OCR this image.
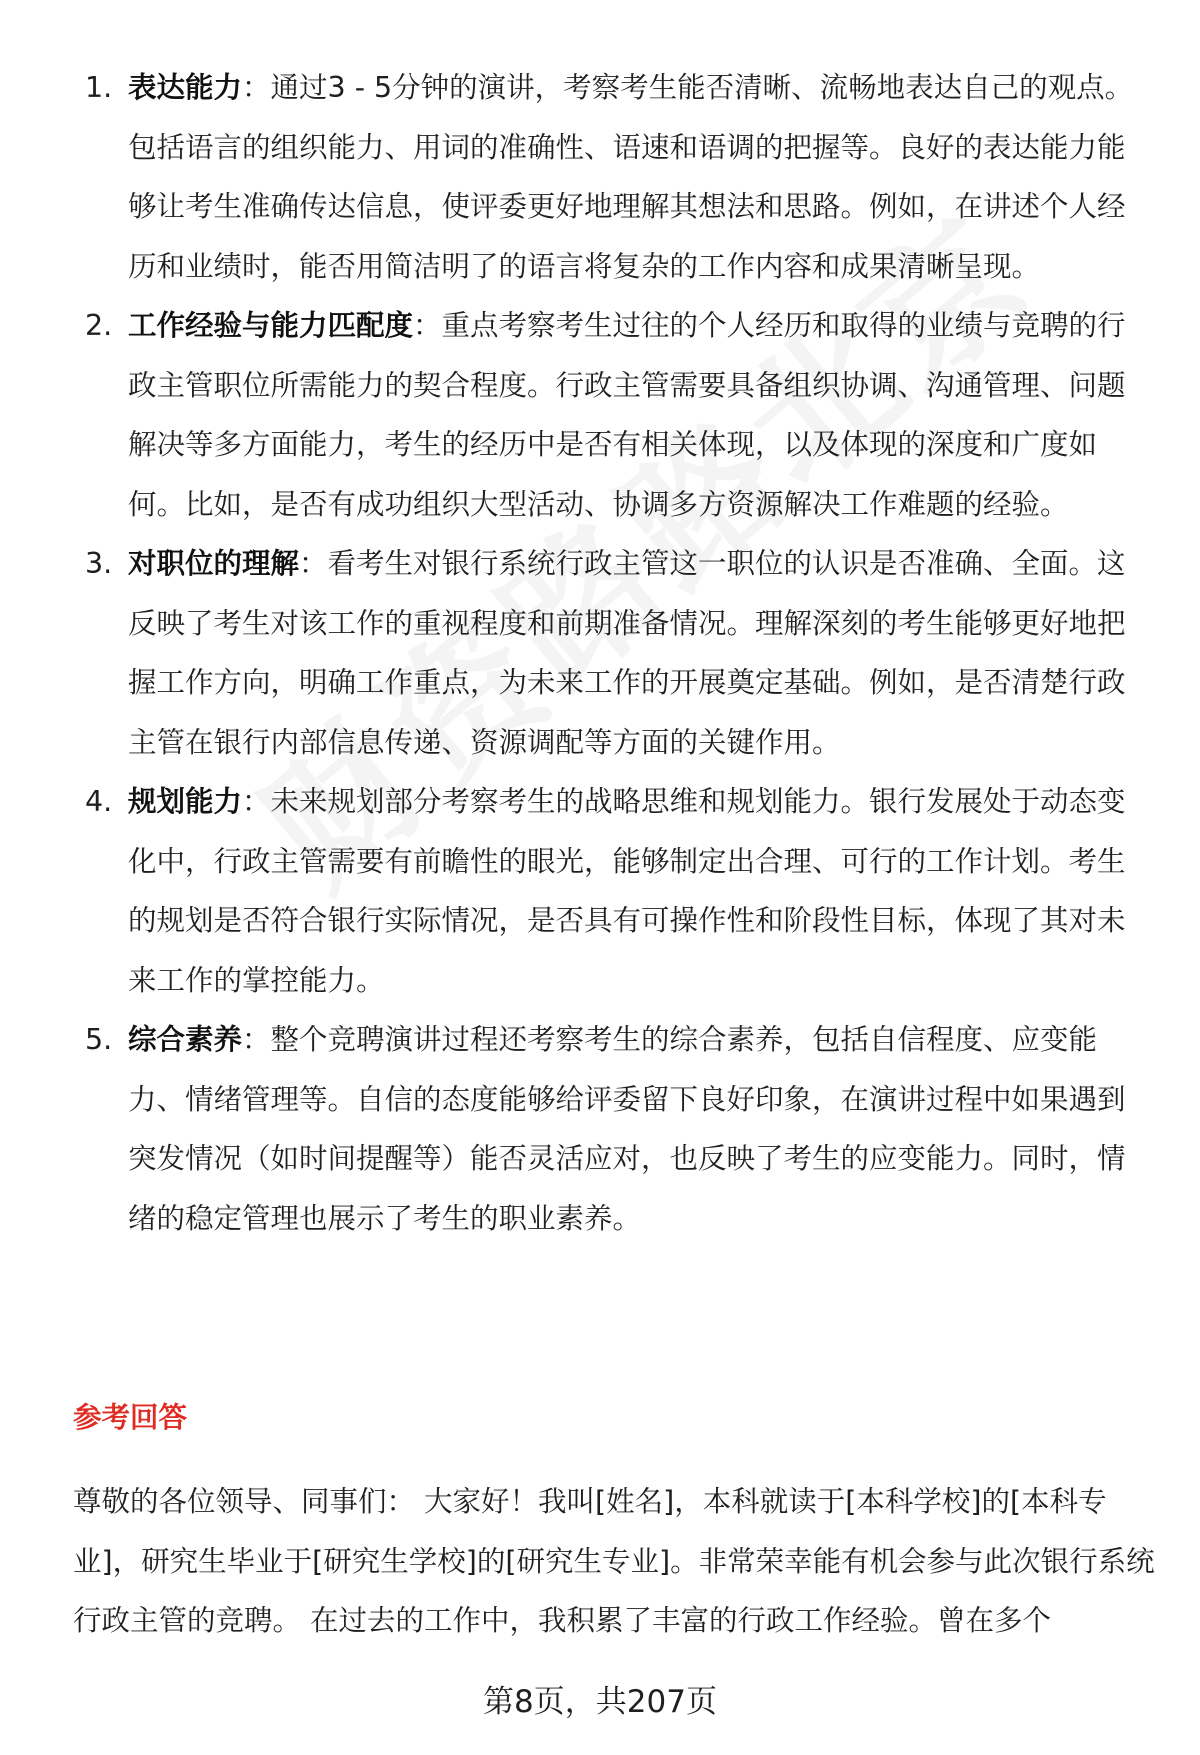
1. 表达能力：通过3 - 5分钟的演讲，考察考生能否清晰、流畅地表达自己的观点。包括语言的组织能力、用词的准确性、语速和语调的把握等。良好的表达能力能够让考生准确传达信息，使评委更好地理解其想法和思路。例如，在讲述个人经历和业绩时，能否用简洁明了的语言将复杂的工作内容和成果清晰呈现。
2. 工作经验与能力匹配度：重点考察考生过往的个人经历和取得的业绩与竞聘的行政主管职位所需能力的契合程度。行政主管需要具备组织协调、沟通管理、问题解决等多方面能力，考生的经历中是否有相关体现，以及体现的深度和广度如何。比如，是否有成功组织大型活动、协调多方资源解决工作难题的经验。
3. 对职位的理解：看考生对银行系统行政主管这一职位的认识是否准确、全面。这反映了考生对该工作的重视程度和前期准备情况。理解深刻的考生能够更好地把握工作方向，明确工作重点，为未来工作的开展奠定基础。例如，是否清楚行政主管在银行内部信息传递、资源调配等方面的关键作用。
4. 规划能力：未来规划部分考察考生的战略思维和规划能力。银行发展处于动态变化中，行政主管需要有前瞻性的眼光，能够制定出合理、可行的工作计划。考生的规划是否符合银行实际情况，是否具有可操作性和阶段性目标，体现了其对未来工作的掌控能力。
5. 综合素养：整个竞聘演讲过程还考察考生的综合素养，包括自信程度、应变能力、情绪管理等。自信的态度能够给评委留下良好印象，在演讲过程中如果遇到突发情况（如时间提醒等）能否灵活应对，也反映了考生的应变能力。同时，情绪的稳定管理也展示了考生的职业素养。
参考回答

尊敬的各位领导、同事们： 大家好！我叫[姓名]，本科就读于[本科学校]的[本科专业]，研究生毕业于[研究生学校]的[研究生专业]。非常荣幸能有机会参与此次银行系统行政主管的竞聘。 在过去的工作中，我积累了丰富的行政工作经验。曾在多个

第8页，共207页
